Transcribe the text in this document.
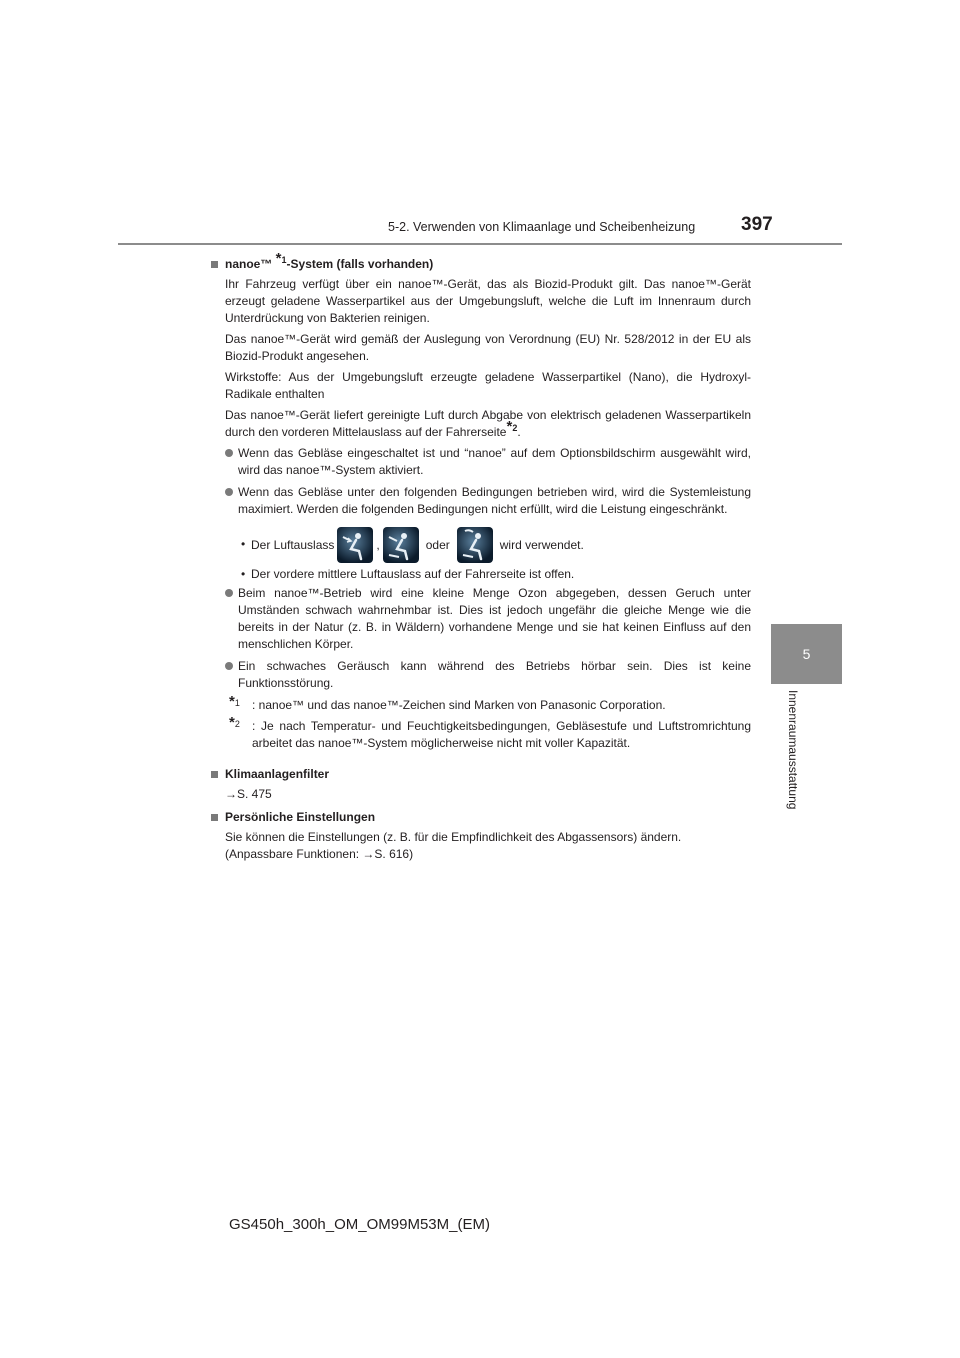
5-2. Verwenden von Klimaanlage und Scheibenheizung 397
5
Innenraumausstattung
nanoe™ $^{*1}$-System (falls vorhanden)

Ihr Fahrzeug verfügt über ein nanoe™-Gerät, das als Biozid-Produkt gilt. Das nanoe™-Gerät erzeugt geladene Wasserpartikel aus der Umgebungsluft, welche die Luft im Innenraum durch Unterdrückung von Bakterien reinigen.

Das nanoe™-Gerät wird gemäß der Auslegung von Verordnung (EU) Nr. 528/2012 in der EU als Biozid-Produkt angesehen.

Wirkstoffe: Aus der Umgebungsluft erzeugte geladene Wasserpartikel (Nano), die Hydroxyl-Radikale enthalten

Das nanoe™-Gerät liefert gereinigte Luft durch Abgabe von elektrisch geladenen Wasserpartikeln durch den vorderen Mittelauslass auf der Fahrerseite$^{*2}$.

Wenn das Gebläse eingeschaltet ist und “nanoe” auf dem Optionsbildschirm ausgewählt wird, wird das nanoe™-System aktiviert.
Wenn das Gebläse unter den folgenden Bedingungen betrieben wird, wird die Systemleistung maximiert. Werden die folgenden Bedingungen nicht erfüllt, wird die Leistung eingeschränkt.
• Der Luftauslass	,	oder	wird verwendet.
• Der vordere mittlere Luftauslass auf der Fahrerseite ist offen.
Beim nanoe™-Betrieb wird eine kleine Menge Ozon abgegeben, dessen Geruch unter Umständen schwach wahrnehmbar ist. Dies ist jedoch ungefähr die gleiche Menge wie die bereits in der Natur (z. B. in Wäldern) vorhandene Menge und sie hat keinen Einfluss auf den menschlichen Körper.
Ein schwaches Geräusch kann während des Betriebs hörbar sein. Dies ist keine Funktionsstörung.
*1 : nanoe™ und das nanoe™-Zeichen sind Marken von Panasonic Corporation.
*2 : Je nach Temperatur- und Feuchtigkeitsbedingungen, Gebläsestufe und Luftstromrichtung arbeitet das nanoe™-System möglicherweise nicht mit voller Kapazität.
Klimaanlagenfilter

→S. 475

Persönliche Einstellungen

Sie können die Einstellungen (z. B. für die Empfindlichkeit des Abgassensors) ändern.
(Anpassbare Funktionen: →S. 616)

GS450h_300h_OM_OM99M53M_(EM)
